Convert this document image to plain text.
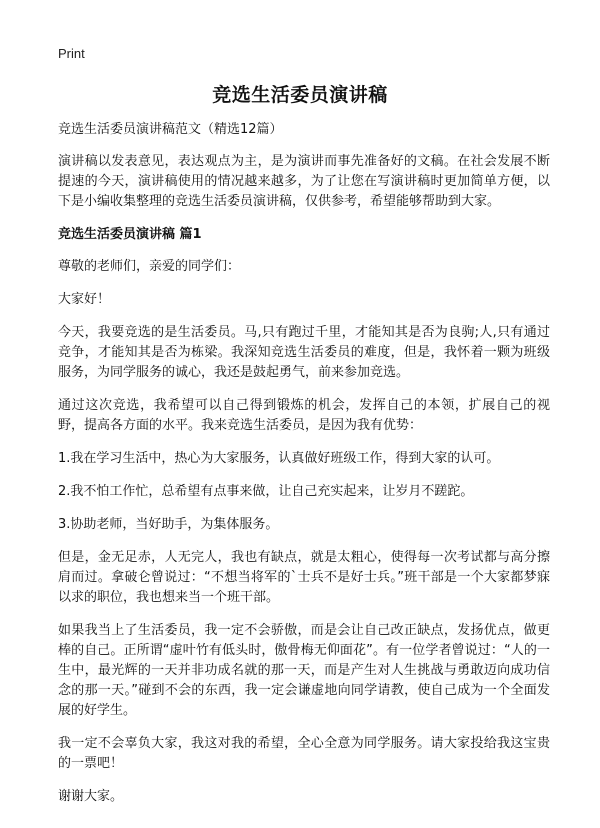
Print
竞选生活委员演讲稿
竞选生活委员演讲稿范文（精选12篇）

演讲稿以发表意见，表达观点为主，是为演讲而事先准备好的文稿。在社会发展不断提速的今天，演讲稿使用的情况越来越多，为了让您在写演讲稿时更加简单方便，以下是小编收集整理的竞选生活委员演讲稿，仅供参考，希望能够帮助到大家。

竞选生活委员演讲稿 篇1

尊敬的老师们，亲爱的同学们：

大家好！

今天，我要竞选的是生活委员。马,只有跑过千里，才能知其是否为良驹;人,只有通过竞争，才能知其是否为栋梁。我深知竞选生活委员的难度，但是，我怀着一颗为班级服务，为同学服务的诚心，我还是鼓起勇气，前来参加竞选。

通过这次竞选，我希望可以自己得到锻炼的机会，发挥自己的本领，扩展自己的视野，提高各方面的水平。我来竞选生活委员，是因为我有优势：

1.我在学习生活中，热心为大家服务，认真做好班级工作，得到大家的认可。

2.我不怕工作忙，总希望有点事来做，让自己充实起来，让岁月不蹉跎。

3.协助老师，当好助手，为集体服务。

但是，金无足赤，人无完人，我也有缺点，就是太粗心，使得每一次考试都与高分擦肩而过。拿破仑曾说过：“不想当将军的`士兵不是好士兵。”班干部是一个大家都梦寐以求的职位，我也想来当一个班干部。

如果我当上了生活委员，我一定不会骄傲，而是会让自己改正缺点，发扬优点，做更棒的自己。正所谓“虚叶竹有低头时，傲骨梅无仰面花”。有一位学者曾说过：“人的一生中，最光辉的一天并非功成名就的那一天，而是产生对人生挑战与勇敢迈向成功信念的那一天。”碰到不会的东西，我一定会谦虚地向同学请教，使自己成为一个全面发展的好学生。

我一定不会辜负大家，我这对我的希望，全心全意为同学服务。请大家投给我这宝贵的一票吧！

谢谢大家。
